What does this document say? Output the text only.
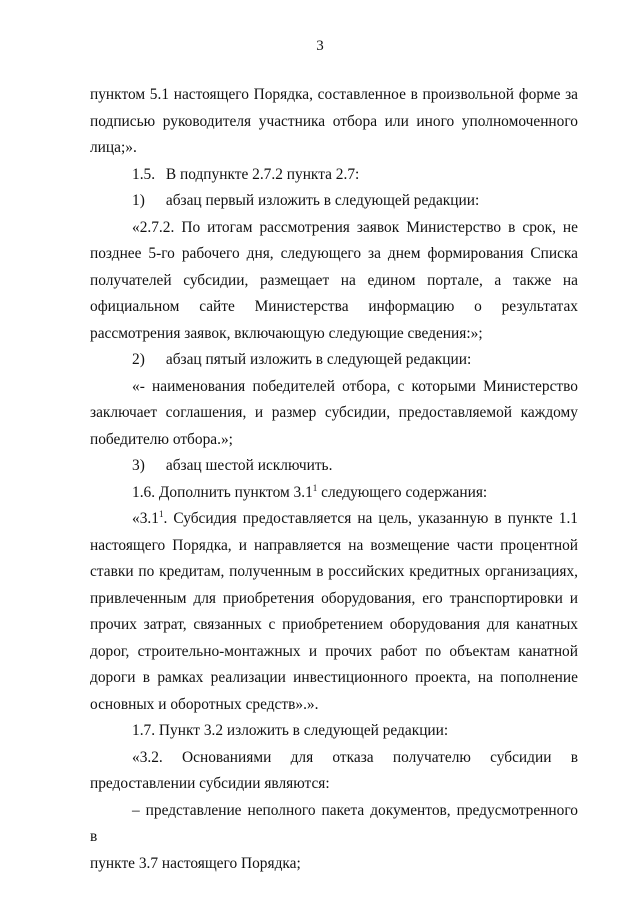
3
пунктом 5.1 настоящего Порядка, составленное в произвольной форме за
подписью руководителя участника отбора или иного уполномоченного
лица;».
1.5. В подпункте 2.7.2 пункта 2.7:
1) абзац первый изложить в следующей редакции:
«2.7.2. По итогам рассмотрения заявок Министерство в срок, не
позднее 5-го рабочего дня, следующего за днем формирования Списка
получателей субсидии, размещает на едином портале, а также на
официальном сайте Министерства информацию о результатах
рассмотрения заявок, включающую следующие сведения:»;
2) абзац пятый изложить в следующей редакции:
«- наименования победителей отбора, с которыми Министерство
заключает соглашения, и размер субсидии, предоставляемой каждому
победителю отбора.»;
3) абзац шестой исключить.
1.6. Дополнить пунктом $3.1^1$ следующего содержания:
«$3.1^1$. Субсидия предоставляется на цель, указанную в пункте 1.1
настоящего Порядка, и направляется на возмещение части процентной
ставки по кредитам, полученным в российских кредитных организациях,
привлеченным для приобретения оборудования, его транспортировки и
прочих затрат, связанных с приобретением оборудования для канатных
дорог, строительно-монтажных и прочих работ по объектам канатной
дороги в рамках реализации инвестиционного проекта, на пополнение
основных и оборотных средств».».
1.7. Пункт 3.2 изложить в следующей редакции:
«3.2. Основаниями для отказа получателю субсидии в
предоставлении субсидии являются:
– представление неполного пакета документов, предусмотренного в
пункте 3.7 настоящего Порядка;
